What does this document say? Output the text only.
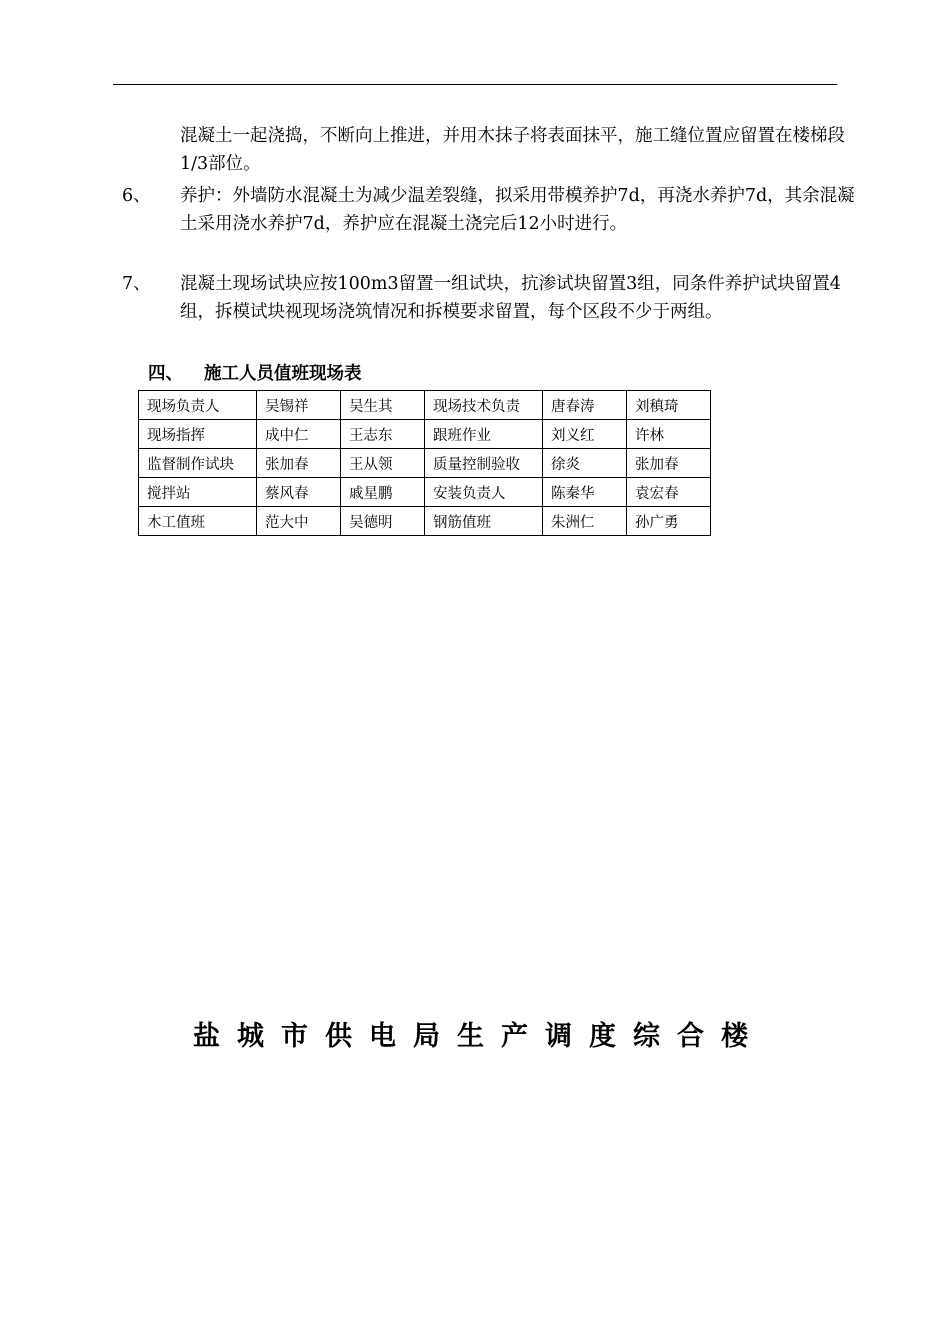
混凝土一起浇捣，不断向上推进，并用木抹子将表面抹平，施工缝位置应留置在楼梯段1/3部位。

6、 养护：外墙防水混凝土为减少温差裂缝，拟采用带模养护7d，再浇水养护7d，其余混凝土采用浇水养护7d，养护应在混凝土浇完后12小时进行。
7、 混凝土现场试块应按100m3留置一组试块，抗渗试块留置3组，同条件养护试块留置4组，拆模试块视现场浇筑情况和拆模要求留置，每个区段不少于两组。
四、 施工人员值班现场表
现场负责人	吴锡祥	吴生其	现场技术负责	唐春涛	刘稹琦
现场指挥	成中仁	王志东	跟班作业	刘义红	许林
监督制作试块	张加春	王从领	质量控制验收	徐炎	张加春
搅拌站	蔡风春	戚星鹏	安装负责人	陈秦华	袁宏春
木工值班	范大中	吴德明	钢筋值班	朱洲仁	孙广勇
盐城市供电局生产调度综合楼
